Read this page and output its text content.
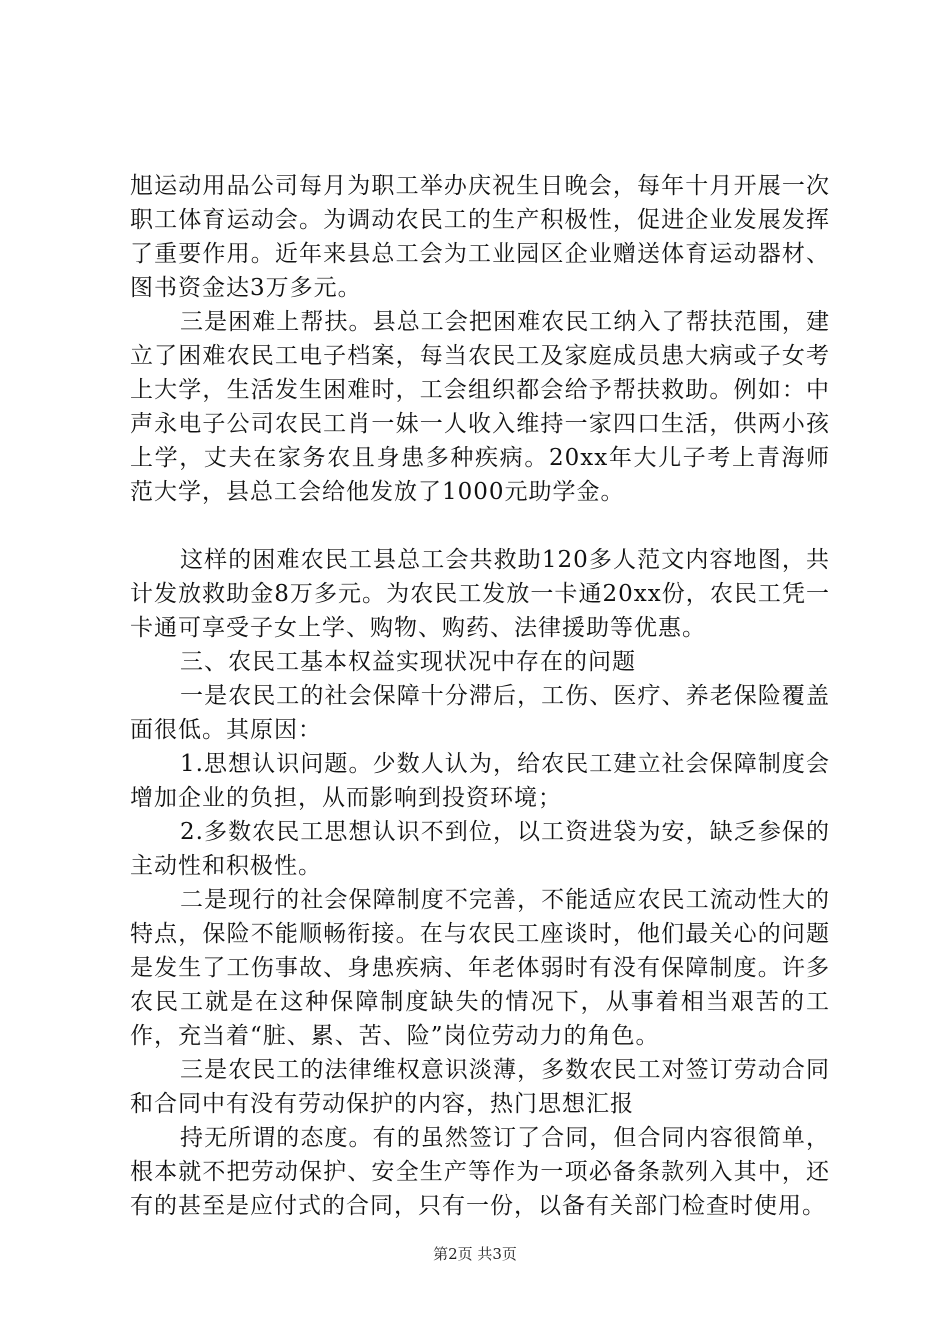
旭运动用品公司每月为职工举办庆祝生日晚会，每年十月开展一次职工体育运动会。为调动农民工的生产积极性，促进企业发展发挥了重要作用。近年来县总工会为工业园区企业赠送体育运动器材、图书资金达3万多元。

三是困难上帮扶。县总工会把困难农民工纳入了帮扶范围，建立了困难农民工电子档案，每当农民工及家庭成员患大病或子女考上大学，生活发生困难时，工会组织都会给予帮扶救助。例如：中声永电子公司农民工肖一妹一人收入维持一家四口生活，供两小孩上学，丈夫在家务农且身患多种疾病。20xx年大儿子考上青海师范大学，县总工会给他发放了1000元助学金。

这样的困难农民工县总工会共救助120多人范文内容地图，共计发放救助金8万多元。为农民工发放一卡通20xx份，农民工凭一卡通可享受子女上学、购物、购药、法律援助等优惠。

三、农民工基本权益实现状况中存在的问题

一是农民工的社会保障十分滞后，工伤、医疗、养老保险覆盖面很低。其原因：

1.思想认识问题。少数人认为，给农民工建立社会保障制度会增加企业的负担，从而影响到投资环境；

2.多数农民工思想认识不到位，以工资进袋为安，缺乏参保的主动性和积极性。

二是现行的社会保障制度不完善，不能适应农民工流动性大的特点，保险不能顺畅衔接。在与农民工座谈时，他们最关心的问题是发生了工伤事故、身患疾病、年老体弱时有没有保障制度。许多农民工就是在这种保障制度缺失的情况下，从事着相当艰苦的工作，充当着“脏、累、苦、险”岗位劳动力的角色。

三是农民工的法律维权意识淡薄，多数农民工对签订劳动合同和合同中有没有劳动保护的内容，热门思想汇报

持无所谓的态度。有的虽然签订了合同，但合同内容很简单，根本就不把劳动保护、安全生产等作为一项必备条款列入其中，还有的甚至是应付式的合同，只有一份，以备有关部门检查时使用。

第2页 共3页
